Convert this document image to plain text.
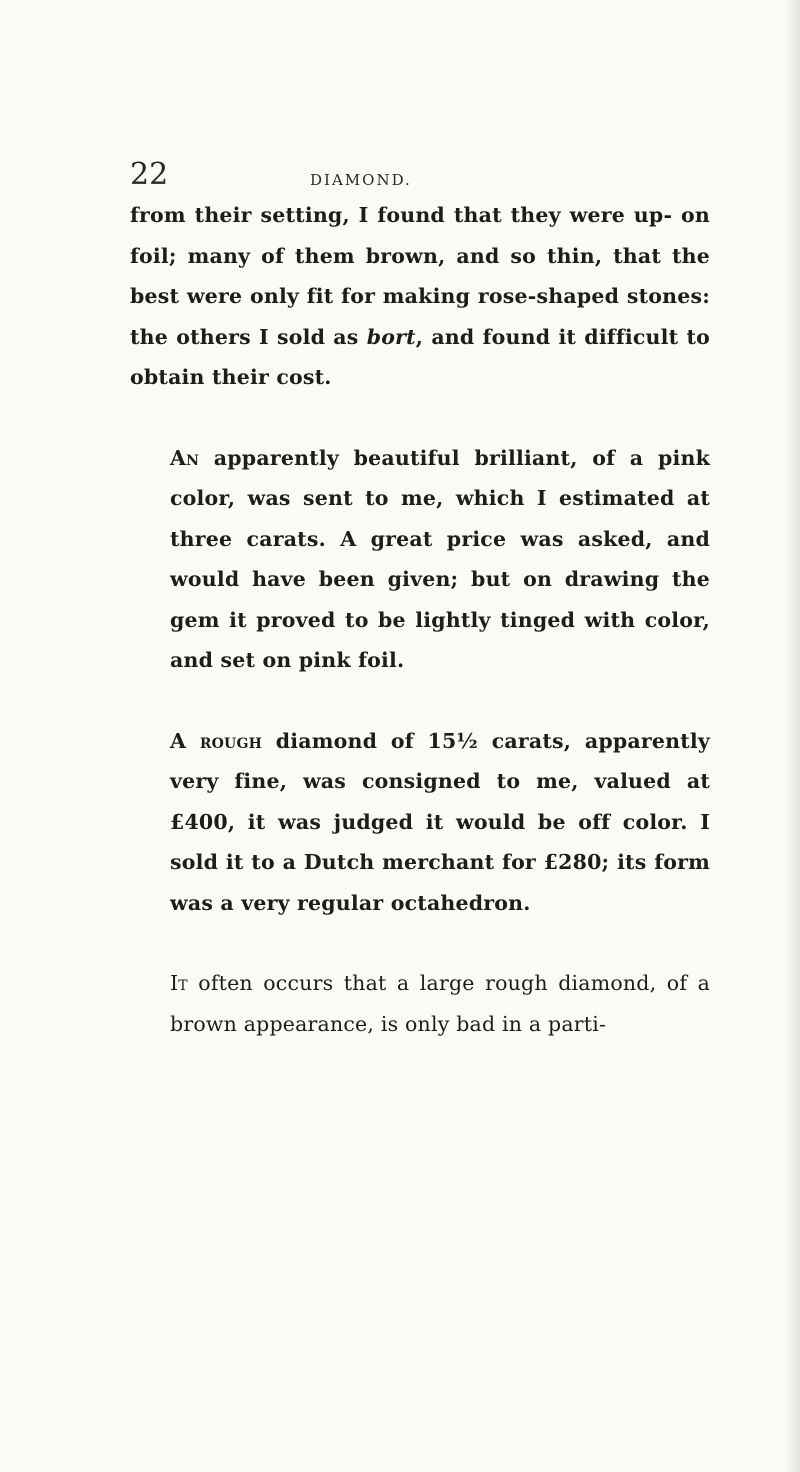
22	DIAMOND.

from their setting, I found that they were up- on foil; many of them brown, and so thin, that the best were only fit for making rose-shaped stones: the others I sold as bort, and found it difficult to obtain their cost.

An apparently beautiful brilliant, of a pink color, was sent to me, which I estimated at three carats. A great price was asked, and would have been given; but on drawing the gem it proved to be lightly tinged with color, and set on pink foil.

A rough diamond of 15½ carats, apparently very fine, was consigned to me, valued at £400, it was judged it would be off color. I sold it to a Dutch merchant for £280; its form was a very regular octahedron.

It often occurs that a large rough diamond, of a brown appearance, is only bad in a parti-
